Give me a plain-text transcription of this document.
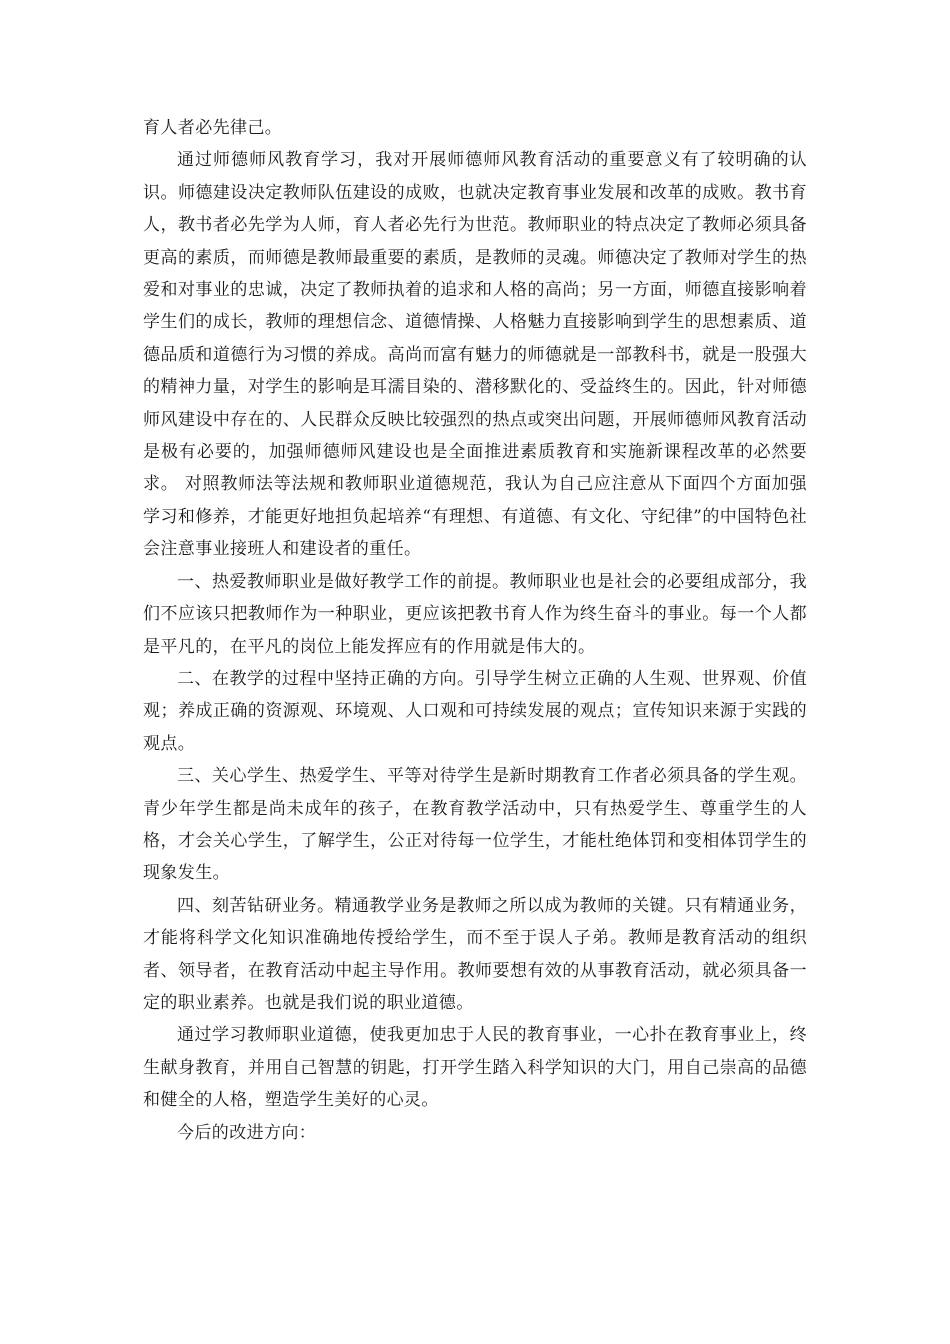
育人者必先律己。

通过师德师风教育学习，我对开展师德师风教育活动的重要意义有了较明确的认识。师德建设决定教师队伍建设的成败，也就决定教育事业发展和改革的成败。教书育人，教书者必先学为人师，育人者必先行为世范。教师职业的特点决定了教师必须具备更高的素质，而师德是教师最重要的素质，是教师的灵魂。师德决定了教师对学生的热爱和对事业的忠诚，决定了教师执着的追求和人格的高尚；另一方面，师德直接影响着学生们的成长，教师的理想信念、道德情操、人格魅力直接影响到学生的思想素质、道德品质和道德行为习惯的养成。高尚而富有魅力的师德就是一部教科书，就是一股强大的精神力量，对学生的影响是耳濡目染的、潜移默化的、受益终生的。因此，针对师德师风建设中存在的、人民群众反映比较强烈的热点或突出问题，开展师德师风教育活动是极有必要的，加强师德师风建设也是全面推进素质教育和实施新课程改革的必然要求。 对照教师法等法规和教师职业道德规范，我认为自己应注意从下面四个方面加强学习和修养，才能更好地担负起培养“有理想、有道德、有文化、守纪律”的中国特色社会注意事业接班人和建设者的重任。

一、热爱教师职业是做好教学工作的前提。教师职业也是社会的必要组成部分，我们不应该只把教师作为一种职业，更应该把教书育人作为终生奋斗的事业。每一个人都是平凡的，在平凡的岗位上能发挥应有的作用就是伟大的。

二、在教学的过程中坚持正确的方向。引导学生树立正确的人生观、世界观、价值观；养成正确的资源观、环境观、人口观和可持续发展的观点；宣传知识来源于实践的观点。

三、关心学生、热爱学生、平等对待学生是新时期教育工作者必须具备的学生观。青少年学生都是尚未成年的孩子，在教育教学活动中，只有热爱学生、尊重学生的人格，才会关心学生，了解学生，公正对待每一位学生，才能杜绝体罚和变相体罚学生的现象发生。

四、刻苦钻研业务。精通教学业务是教师之所以成为教师的关键。只有精通业务，才能将科学文化知识准确地传授给学生，而不至于误人子弟。教师是教育活动的组织者、领导者，在教育活动中起主导作用。教师要想有效的从事教育活动，就必须具备一定的职业素养。也就是我们说的职业道德。

通过学习教师职业道德，使我更加忠于人民的教育事业，一心扑在教育事业上，终生献身教育，并用自己智慧的钥匙，打开学生踏入科学知识的大门，用自己崇高的品德和健全的人格，塑造学生美好的心灵。

今后的改进方向：
